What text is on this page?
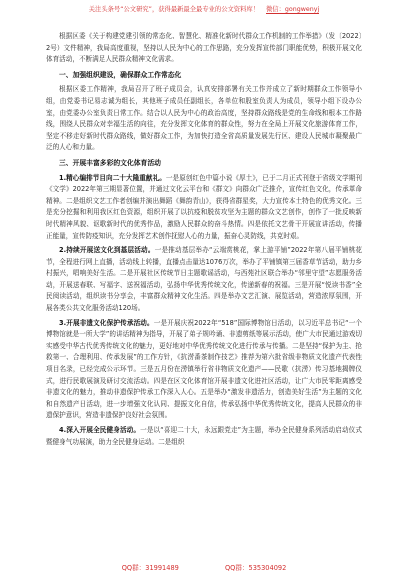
关注头条号“公文研究”，获得最新最全最专业的公文资料库！ 微信：gongwenyj

根据区委《关于构建党建引领的常态化、智慧化、精准化新时代群众工作机制的工作举措》（发〔2022〕2号）文件精神，我局高度重视，坚持以人民为中心的工作思路，充分发挥宣传部门职能优势，积极开展文化体育活动，不断满足人民群众精神文化需求。

一、加强组织建设，确保群众工作常态化

根据区委工作精神，我局召开了班子成员会，认真安排部署有关工作并成立了新时期群众工作领导小组，由党委书记易志诚为组长，其他班子成员任副组长，各单位和股室负责人为成员，领导小组下设办公室，由党委办公室负责日常工作。结合以人民为中心的政治高度，坚持群众路线是党的生命线和根本工作路线，围绕人民群众对幸福生活的向往，充分发挥文化体育的群众性，努力在全局上开展文化旅游体育工作，坚定不移走好新时代群众路线，做好群众工作，为加快打造全省高质量发展先行区、建设人民城市凝聚最广泛的人心和力量。

三、开展丰富多彩的文化体育活动

1.精心编排节目向二十大隆重献礼。一是原创红色中篇小说《厚土》，已于二月正式刊登于省级文学期刊《文学》2022年第三期显著位置，并通过文化云平台和《群文》向群众广泛推介，宣传红色文化，传承革命精神。二是组织文艺工作者创编并演出舞蹈《舞韵青山》，获得省群星奖，大力宣传本土特色的优秀文化。三是充分挖掘和利用我区红色资源，组织开展了以抗疫和脱贫攻坚为主题的群众文艺创作，创作了一批反映新时代精神风貌、讴歌新时代的优秀作品，激励人民群众的奋斗热情。四是依托文艺骨干开展宣讲活动，传播正能量，宣传防疫知识，充分发挥艺术创作抚慰人心的力量，振奋心灵防线，共克时艰。

2.持续开展送文化到基层活动。一是推动基层举办“云端赏桃花，掌上游平铺”2022年第八届平铺桃花节，全程进行网上直播，活动线上转播，直播点击量达1076万次，举办了平铺镇第三届香草节活动，助力乡村振兴，唱响美好生活。二是开展社区传统节日主题歌谣活动，与西苑社区联合举办“邻里守望”志愿服务活动，开展送春联、写福字、送祝福活动，弘扬中华优秀传统文化，传递新春的祝福。三是开展“悦读书香”全民阅读活动，组织读书分享会，丰富群众精神文化生活。四是举办文艺汇演、展览活动，营造浓厚氛围，开展各类公共文化服务活动120场。

3.开展非遗文化保护传承活动。一是开展庆祝2022年“518”国际博物馆日活动，以习近平总书记“一个博物馆就是一所大学”的讲话精神为指导，开展了弟子规吟诵、非遗剪纸等展示活动，使广大市民通过游戏切实感受中华古代优秀传统文化的魅力，更好地对中华优秀传统文化进行传承与传播。二是坚持“保护为主、抢救第一、合理利用、传承发展”的工作方针，《抗涝番茶制作技艺》推荐为第六批省级非物质文化遗产代表性项目名录，已经完成公示环节。三是五月份在涝镇举行省非物质文化遗产——民歌（抗涝）传习基地揭牌仪式，进行民歌展演及研讨交流活动。四是在区文化体育馆开展非遗文化进社区活动，让广大市民零距离感受非遗文化的魅力，推动非遗保护传承工作深入人心。五是举办“激发非遗活力，创造美好生活”为主题的文化和自然遗产日活动，进一步增强文化认同、提振文化自信，传承弘扬中华优秀传统文化，提高人民群众的非遗保护意识，营造非遗保护良好社会氛围。

4.深入开展全民健身活动。一是以“喜迎二十大，永远跟党走”为主题，举办全民健身系列活动启动仪式暨健身气功展演，助力全民健身运动。二是组织

QQ群：31991489	QQ群：535304092
